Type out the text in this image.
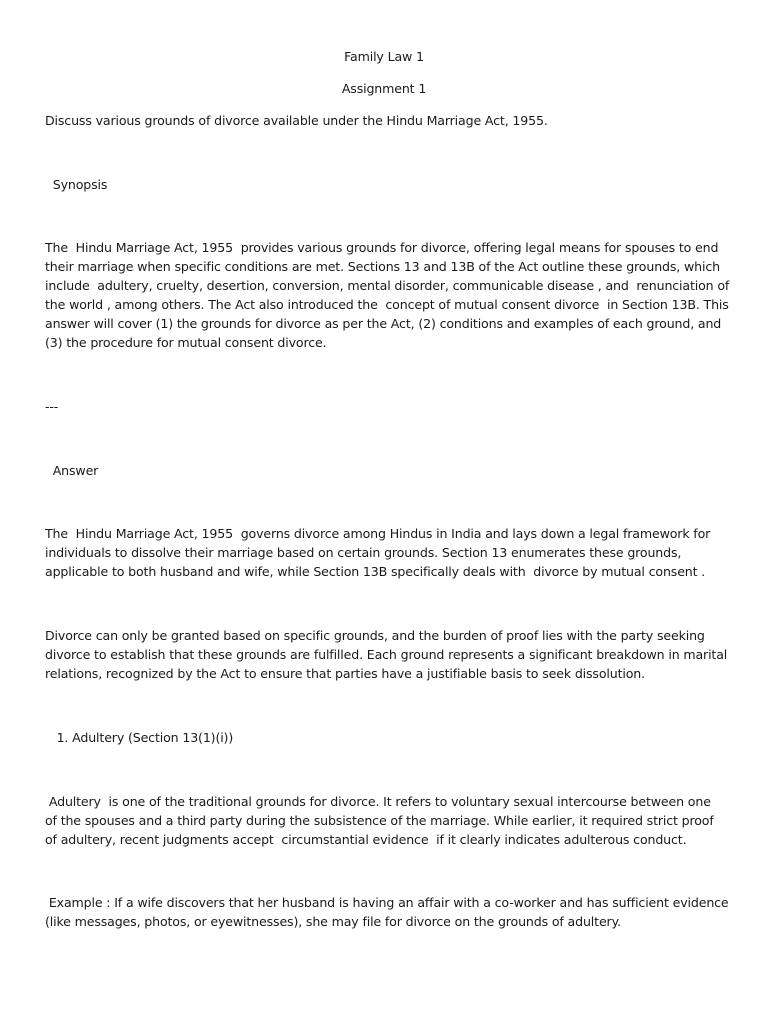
Family Law 1
Assignment 1
Discuss various grounds of divorce available under the Hindu Marriage Act, 1955.
Synopsis
The  Hindu Marriage Act, 1955  provides various grounds for divorce, offering legal means for spouses to end
their marriage when specific conditions are met. Sections 13 and 13B of the Act outline these grounds, which
include  adultery, cruelty, desertion, conversion, mental disorder, communicable disease , and  renunciation of
the world , among others. The Act also introduced the  concept of mutual consent divorce  in Section 13B. This
answer will cover (1) the grounds for divorce as per the Act, (2) conditions and examples of each ground, and
(3) the procedure for mutual consent divorce.
---
Answer
The  Hindu Marriage Act, 1955  governs divorce among Hindus in India and lays down a legal framework for
individuals to dissolve their marriage based on certain grounds. Section 13 enumerates these grounds,
applicable to both husband and wife, while Section 13B specifically deals with  divorce by mutual consent .
Divorce can only be granted based on specific grounds, and the burden of proof lies with the party seeking
divorce to establish that these grounds are fulfilled. Each ground represents a significant breakdown in marital
relations, recognized by the Act to ensure that parties have a justifiable basis to seek dissolution.
1. Adultery (Section 13(1)(i))
Adultery  is one of the traditional grounds for divorce. It refers to voluntary sexual intercourse between one
of the spouses and a third party during the subsistence of the marriage. While earlier, it required strict proof
of adultery, recent judgments accept  circumstantial evidence  if it clearly indicates adulterous conduct.
Example : If a wife discovers that her husband is having an affair with a co-worker and has sufficient evidence
(like messages, photos, or eyewitnesses), she may file for divorce on the grounds of adultery.
